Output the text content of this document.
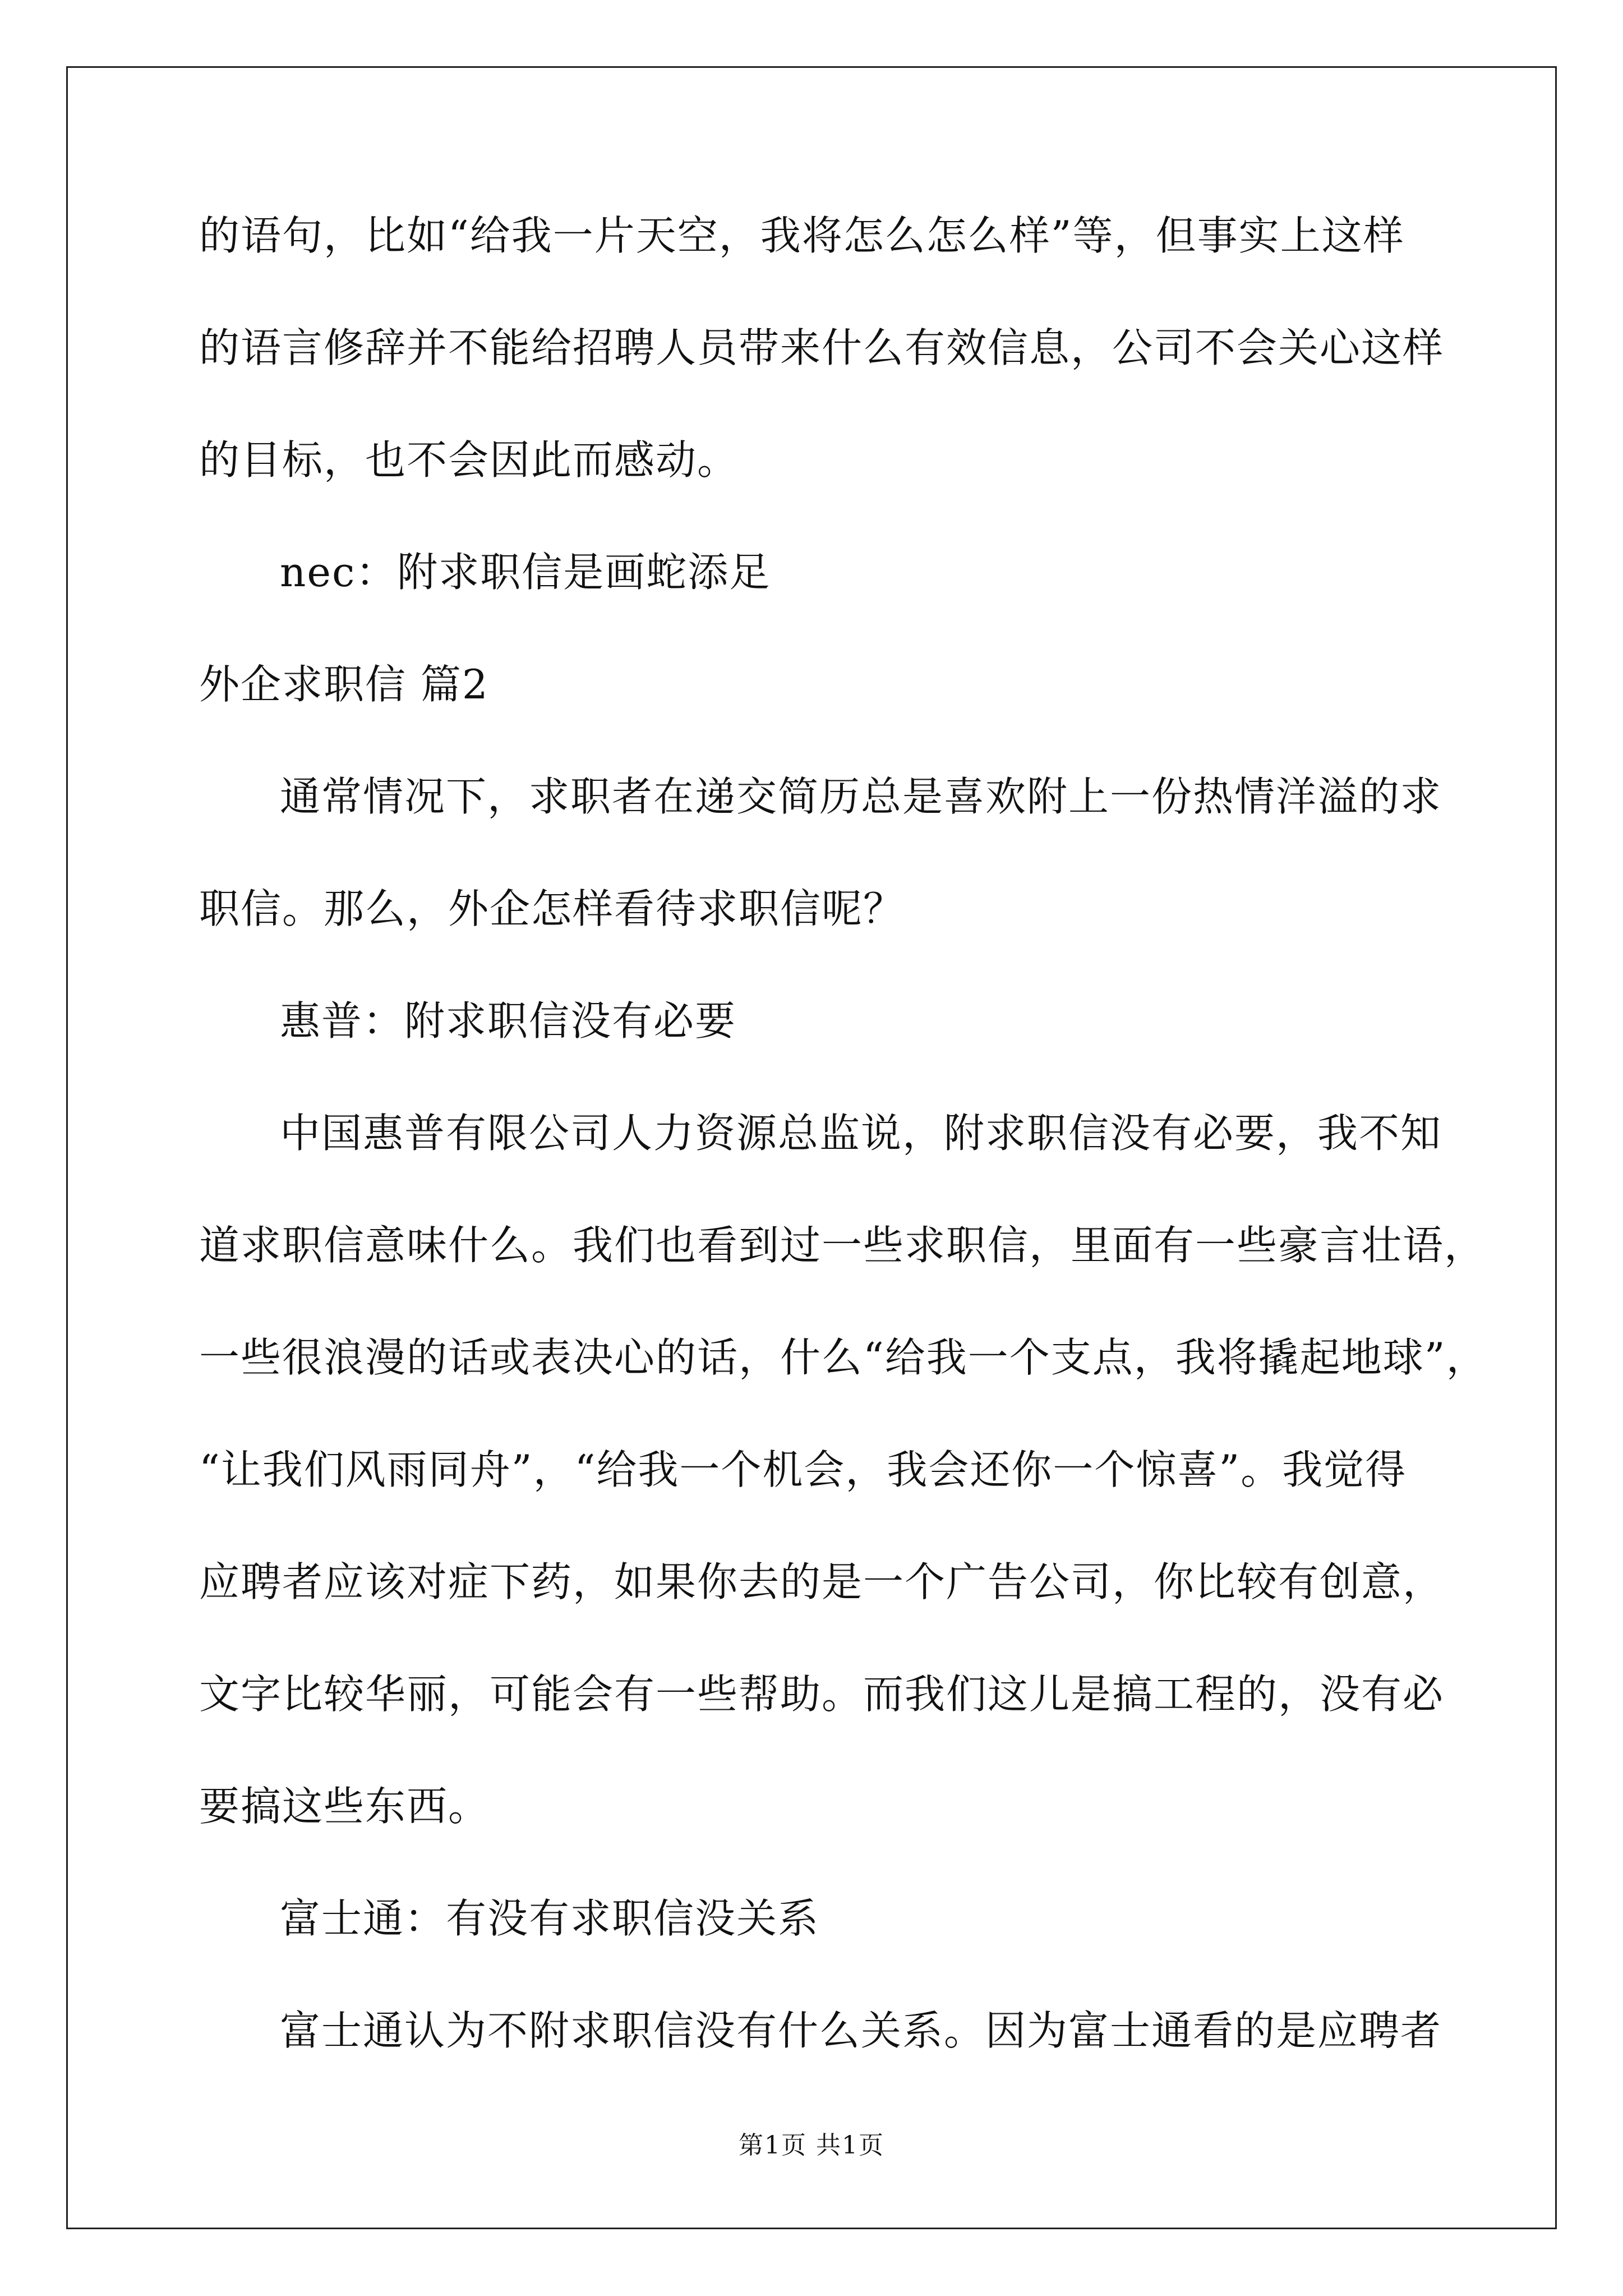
的语句，比如“给我一片天空，我将怎么怎么样”等，但事实上这样
的语言修辞并不能给招聘人员带来什么有效信息，公司不会关心这样
的目标，也不会因此而感动。
nec：附求职信是画蛇添足
外企求职信 篇2
通常情况下，求职者在递交简历总是喜欢附上一份热情洋溢的求
职信。那么，外企怎样看待求职信呢？
惠普：附求职信没有必要
中国惠普有限公司人力资源总监说，附求职信没有必要，我不知
道求职信意味什么。我们也看到过一些求职信，里面有一些豪言壮语，
一些很浪漫的话或表决心的话，什么“给我一个支点，我将撬起地球”，
“让我们风雨同舟”，“给我一个机会，我会还你一个惊喜”。我觉得
应聘者应该对症下药，如果你去的是一个广告公司，你比较有创意，
文字比较华丽，可能会有一些帮助。而我们这儿是搞工程的，没有必
要搞这些东西。
富士通：有没有求职信没关系
富士通认为不附求职信没有什么关系。因为富士通看的是应聘者
第1页 共1页
